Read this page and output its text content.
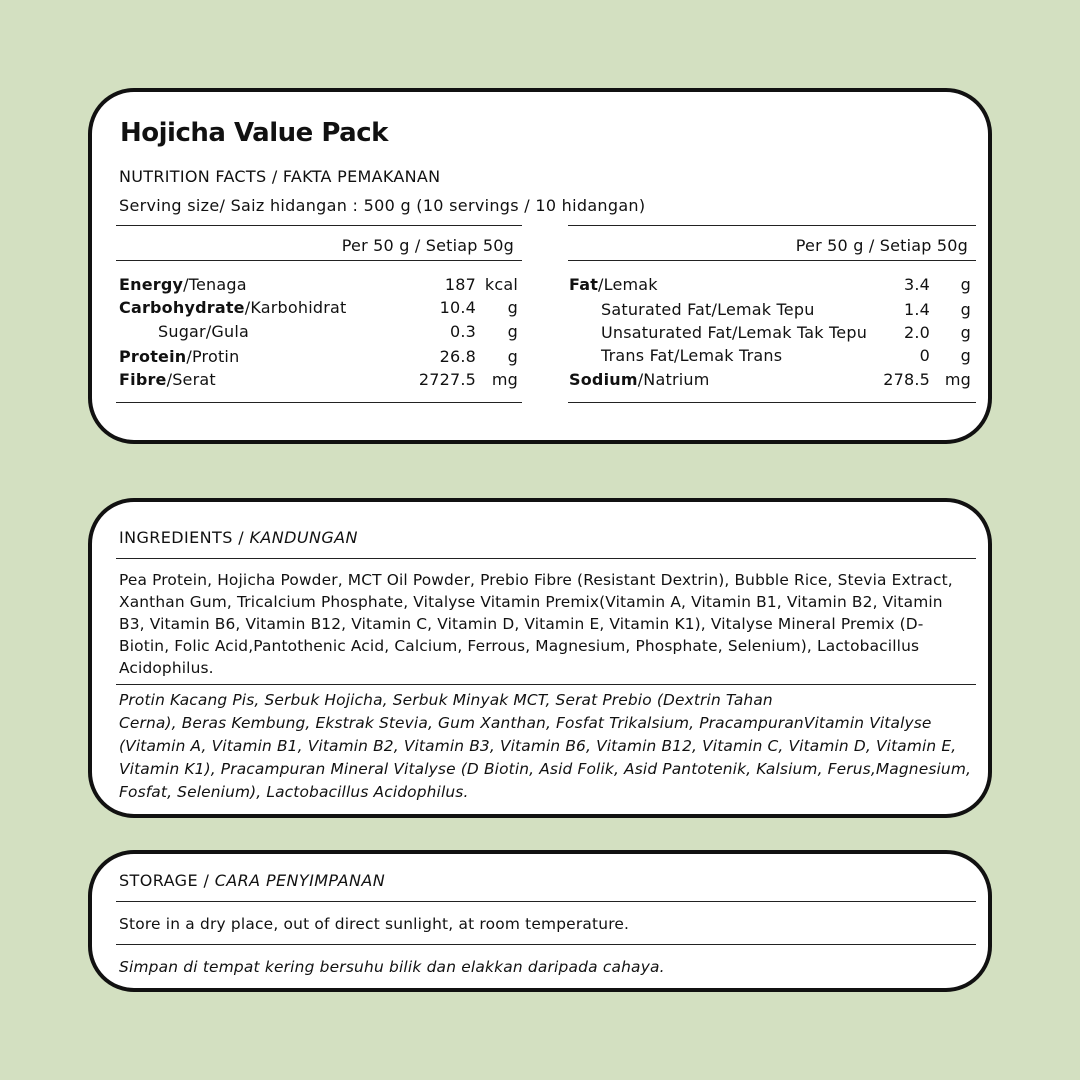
Hojicha Value Pack
NUTRITION FACTS / FAKTA PEMAKANAN
Serving size/ Saiz hidangan : 500 g (10 servings / 10 hidangan)
Per 50 g / Setiap 50g
Energy/Tenaga	187 kcal
Carbohydrate/Karbohidrat	10.4 g
Sugar/Gula	0.3 g
Protein/Protin	26.8 g
Fibre/Serat	2727.5 mg
Per 50 g / Setiap 50g
Fat/Lemak	3.4 g
Saturated Fat/Lemak Tepu	1.4 g
Unsaturated Fat/Lemak Tak Tepu 2.0 g
Trans Fat/Lemak Trans	0 g
Sodium/Natrium	278.5 mg
INGREDIENTS / KANDUNGAN
Pea Protein, Hojicha Powder, MCT Oil Powder, Prebio Fibre (Resistant Dextrin), Bubble Rice, Stevia Extract, Xanthan Gum, Tricalcium Phosphate, Vitalyse Vitamin Premix(Vitamin A, Vitamin B1, Vitamin B2, Vitamin B3, Vitamin B6, Vitamin B12, Vitamin C, Vitamin D, Vitamin E, Vitamin K1), Vitalyse Mineral Premix (D-Biotin, Folic Acid,Pantothenic Acid, Calcium, Ferrous, Magnesium, Phosphate, Selenium), Lactobacillus Acidophilus.
Protin Kacang Pis, Serbuk Hojicha, Serbuk Minyak MCT, Serat Prebio (Dextrin Tahan
Cerna), Beras Kembung, Ekstrak Stevia, Gum Xanthan, Fosfat Trikalsium, PracampuranVitamin Vitalyse (Vitamin A, Vitamin B1, Vitamin B2, Vitamin B3, Vitamin B6, Vitamin B12, Vitamin C, Vitamin D, Vitamin E, Vitamin K1), Pracampuran Mineral Vitalyse (D Biotin, Asid Folik, Asid Pantotenik, Kalsium, Ferus,Magnesium, Fosfat, Selenium), Lactobacillus Acidophilus.
STORAGE / CARA PENYIMPANAN
Store in a dry place, out of direct sunlight, at room temperature.
Simpan di tempat kering bersuhu bilik dan elakkan daripada cahaya.
